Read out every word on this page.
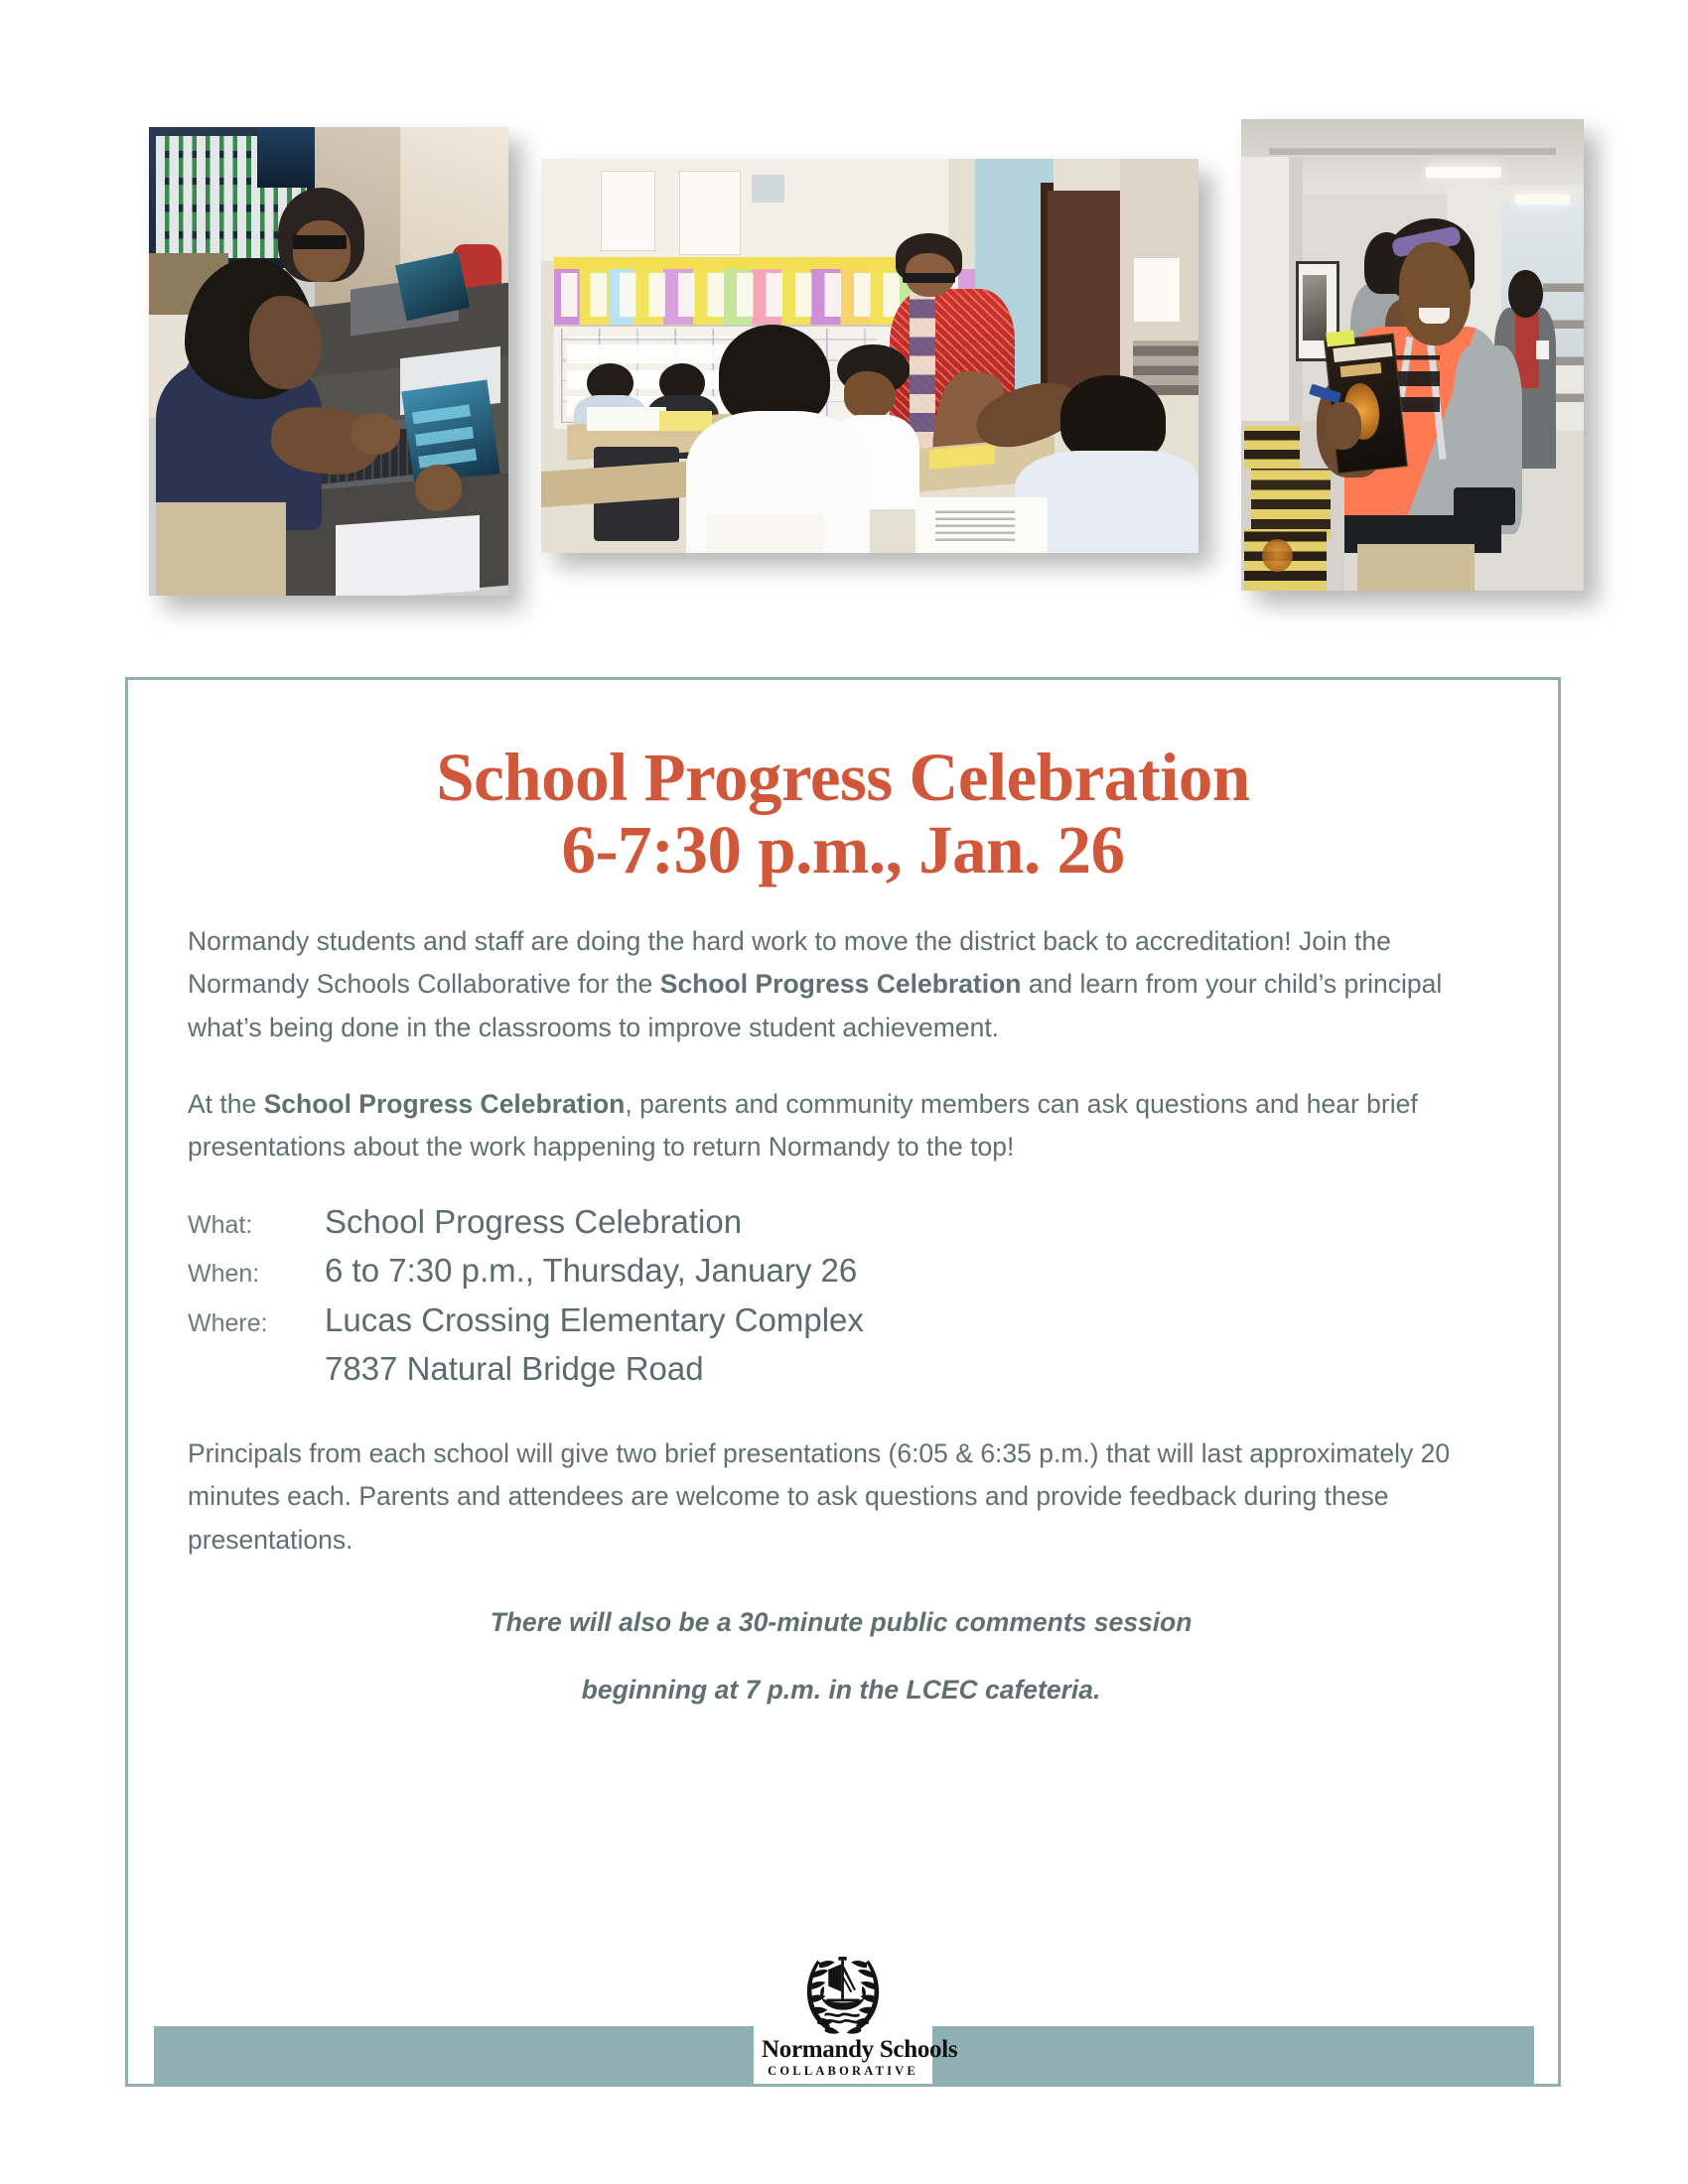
School Progress Celebration
6-7:30 p.m., Jan. 26

Normandy students and staff are doing the hard work to move the district back to accreditation! Join the Normandy Schools Collaborative for the School Progress Celebration and learn from your child’s principal what’s being done in the classrooms to improve student achievement.

At the School Progress Celebration, parents and community members can ask questions and hear brief presentations about the work happening to return Normandy to the top!

What:	School Progress Celebration
When:	6 to 7:30 p.m., Thursday, January 26
Where:	Lucas Crossing Elementary Complex
7837 Natural Bridge Road

Principals from each school will give two brief presentations (6:05 & 6:35 p.m.) that will last approximately 20 minutes each. Parents and attendees are welcome to ask questions and provide feedback during these presentations.

There will also be a 30-minute public comments session

beginning at 7 p.m. in the LCEC cafeteria.

Normandy Schools
COLLABORATIVE
